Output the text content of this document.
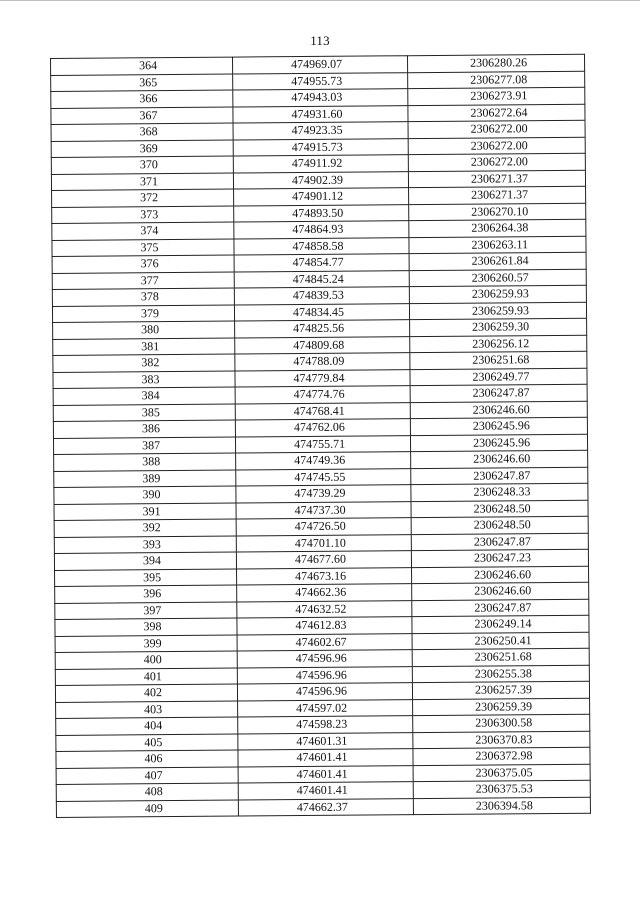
113
364	474969.07	2306280.26
365	474955.73	2306277.08
366	474943.03	2306273.91
367	474931.60	2306272.64
368	474923.35	2306272.00
369	474915.73	2306272.00
370	474911.92	2306272.00
371	474902.39	2306271.37
372	474901.12	2306271.37
373	474893.50	2306270.10
374	474864.93	2306264.38
375	474858.58	2306263.11
376	474854.77	2306261.84
377	474845.24	2306260.57
378	474839.53	2306259.93
379	474834.45	2306259.93
380	474825.56	2306259.30
381	474809.68	2306256.12
382	474788.09	2306251.68
383	474779.84	2306249.77
384	474774.76	2306247.87
385	474768.41	2306246.60
386	474762.06	2306245.96
387	474755.71	2306245.96
388	474749.36	2306246.60
389	474745.55	2306247.87
390	474739.29	2306248.33
391	474737.30	2306248.50
392	474726.50	2306248.50
393	474701.10	2306247.87
394	474677.60	2306247.23
395	474673.16	2306246.60
396	474662.36	2306246.60
397	474632.52	2306247.87
398	474612.83	2306249.14
399	474602.67	2306250.41
400	474596.96	2306251.68
401	474596.96	2306255.38
402	474596.96	2306257.39
403	474597.02	2306259.39
404	474598.23	2306300.58
405	474601.31	2306370.83
406	474601.41	2306372.98
407	474601.41	2306375.05
408	474601.41	2306375.53
409	474662.37	2306394.58
